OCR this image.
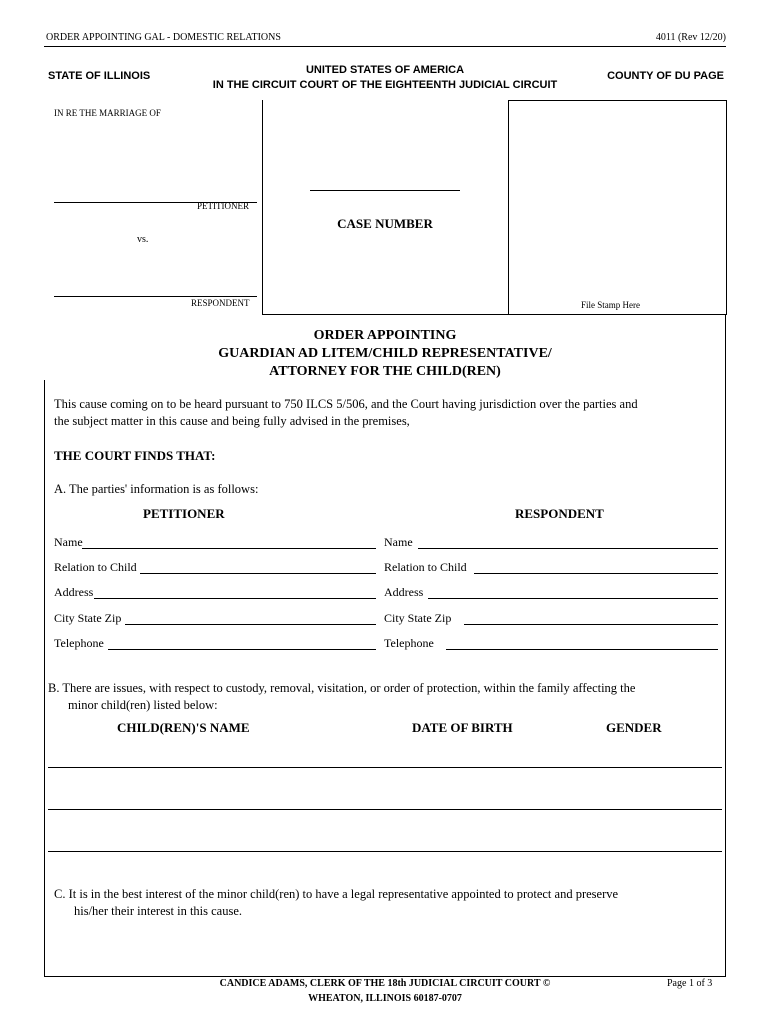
ORDER APPOINTING GAL - DOMESTIC RELATIONS	4011 (Rev 12/20)
STATE OF ILLINOIS	UNITED STATES OF AMERICA
IN THE CIRCUIT COURT OF THE EIGHTEENTH JUDICIAL CIRCUIT
COUNTY OF DU PAGE
IN RE THE MARRIAGE OF
PETITIONER
vs.
RESPONDENT
CASE NUMBER
File Stamp Here
ORDER APPOINTING
GUARDIAN AD LITEM/CHILD REPRESENTATIVE/
ATTORNEY FOR THE CHILD(REN)
This cause coming on to be heard pursuant to 750 ILCS 5/506, and the Court having jurisdiction over the parties and
the subject matter in this cause and being fully advised in the premises,
THE COURT FINDS THAT:
A. The parties' information is as follows:
PETITIONER	RESPONDENT
Name
Relation to Child
Address
City State Zip
Telephone
Name
Relation to Child
Address
City State Zip
Telephone
B. There are issues, with respect to custody, removal, visitation, or order of protection, within the family affecting the
minor child(ren) listed below:
CHILD(REN)'S NAME	DATE OF BIRTH	GENDER
C. It is in the best interest of the minor child(ren) to have a legal representative appointed to protect and preserve
his/her their interest in this cause.
CANDICE ADAMS, CLERK OF THE 18th JUDICIAL CIRCUIT COURT ©
WHEATON, ILLINOIS 60187-0707
Page 1 of 3
